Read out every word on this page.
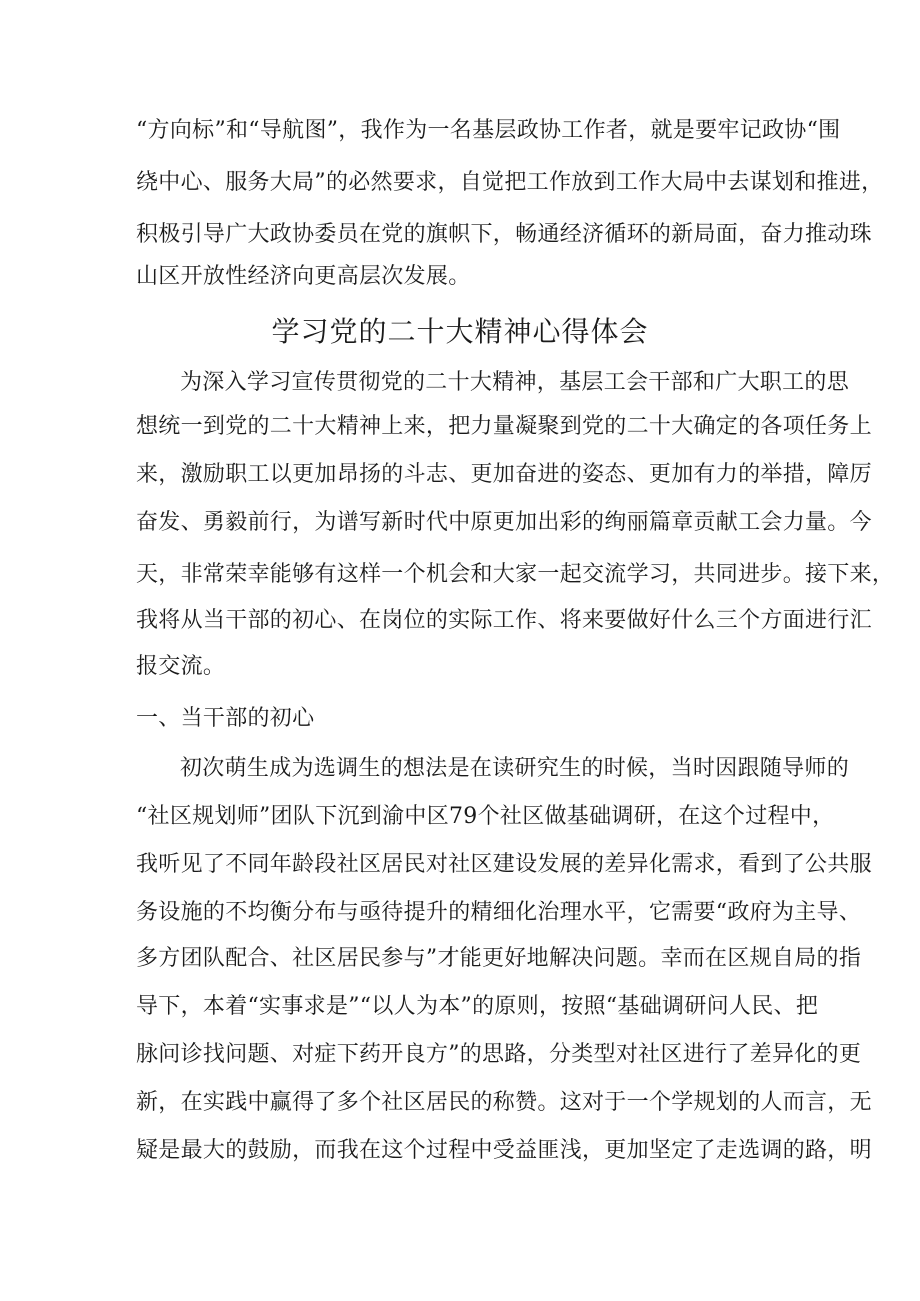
“方向标”和“导航图”，我作为一名基层政协工作者，就是要牢记政协“围
绕中心、服务大局”的必然要求，自觉把工作放到工作大局中去谋划和推进，
积极引导广大政协委员在党的旗帜下，畅通经济循环的新局面，奋力推动珠
山区开放性经济向更高层次发展。
学习党的二十大精神心得体会
为深入学习宣传贯彻党的二十大精神，基层工会干部和广大职工的思
想统一到党的二十大精神上来，把力量凝聚到党的二十大确定的各项任务上
来，激励职工以更加昂扬的斗志、更加奋进的姿态、更加有力的举措，障厉
奋发、勇毅前行，为谱写新时代中原更加出彩的绚丽篇章贡献工会力量。今
天，非常荣幸能够有这样一个机会和大家一起交流学习，共同进步。接下来，
我将从当干部的初心、在岗位的实际工作、将来要做好什么三个方面进行汇
报交流。
一、当干部的初心
初次萌生成为选调生的想法是在读研究生的时候，当时因跟随导师的
“社区规划师”团队下沉到渝中区79个社区做基础调研，在这个过程中，
我听见了不同年龄段社区居民对社区建设发展的差异化需求，看到了公共服
务设施的不均衡分布与亟待提升的精细化治理水平，它需要“政府为主导、
多方团队配合、社区居民参与”才能更好地解决问题。幸而在区规自局的指
导下，本着“实事求是”“以人为本”的原则，按照“基础调研问人民、把
脉问诊找问题、对症下药开良方”的思路，分类型对社区进行了差异化的更
新，在实践中赢得了多个社区居民的称赞。这对于一个学规划的人而言，无
疑是最大的鼓励，而我在这个过程中受益匪浅，更加坚定了走选调的路，明
